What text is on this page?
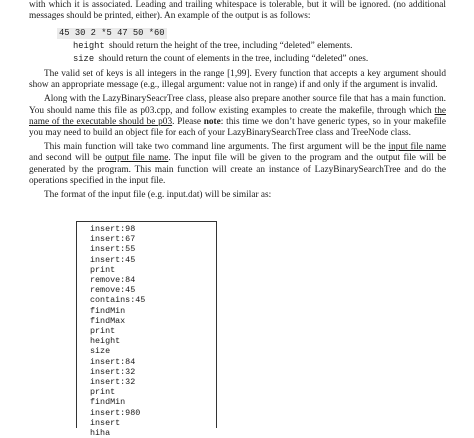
with which it is associated. Leading and trailing whitespace is tolerable, but it will be ignored. (no additional messages should be printed, either). An example of the output is as follows:

45 30 2 *5 47 50 *60

height should return the height of the tree, including “deleted” elements.

size should return the count of elements in the tree, including “deleted” ones.

The valid set of keys is all integers in the range [1,99]. Every function that accepts a key argument should show an appropriate message (e.g., illegal argument: value not in range) if and only if the argument is invalid.

Along with the LazyBinarySeacrTree class, please also prepare another source file that has a main function. You should name this file as p03.cpp, and follow existing examples to create the makefile, through which the name of the executable should be p03. Please note: this time we don’t have generic types, so in your makefile you may need to build an object file for each of your LazyBinarySearchTree class and TreeNode class.

This main function will take two command line arguments. The first argument will be the input file name and second will be output file name. The input file will be given to the program and the output file will be generated by the program. This main function will create an instance of LazyBinarySearchTree and do the operations specified in the input file.

The format of the input file (e.g. input.dat) will be similar as:

insert:98
insert:67
insert:55
insert:45
print
remove:84
remove:45
contains:45
findMin
findMax
print
height
size
insert:84
insert:32
insert:32
print
findMin
insert:980
insert
hiha
